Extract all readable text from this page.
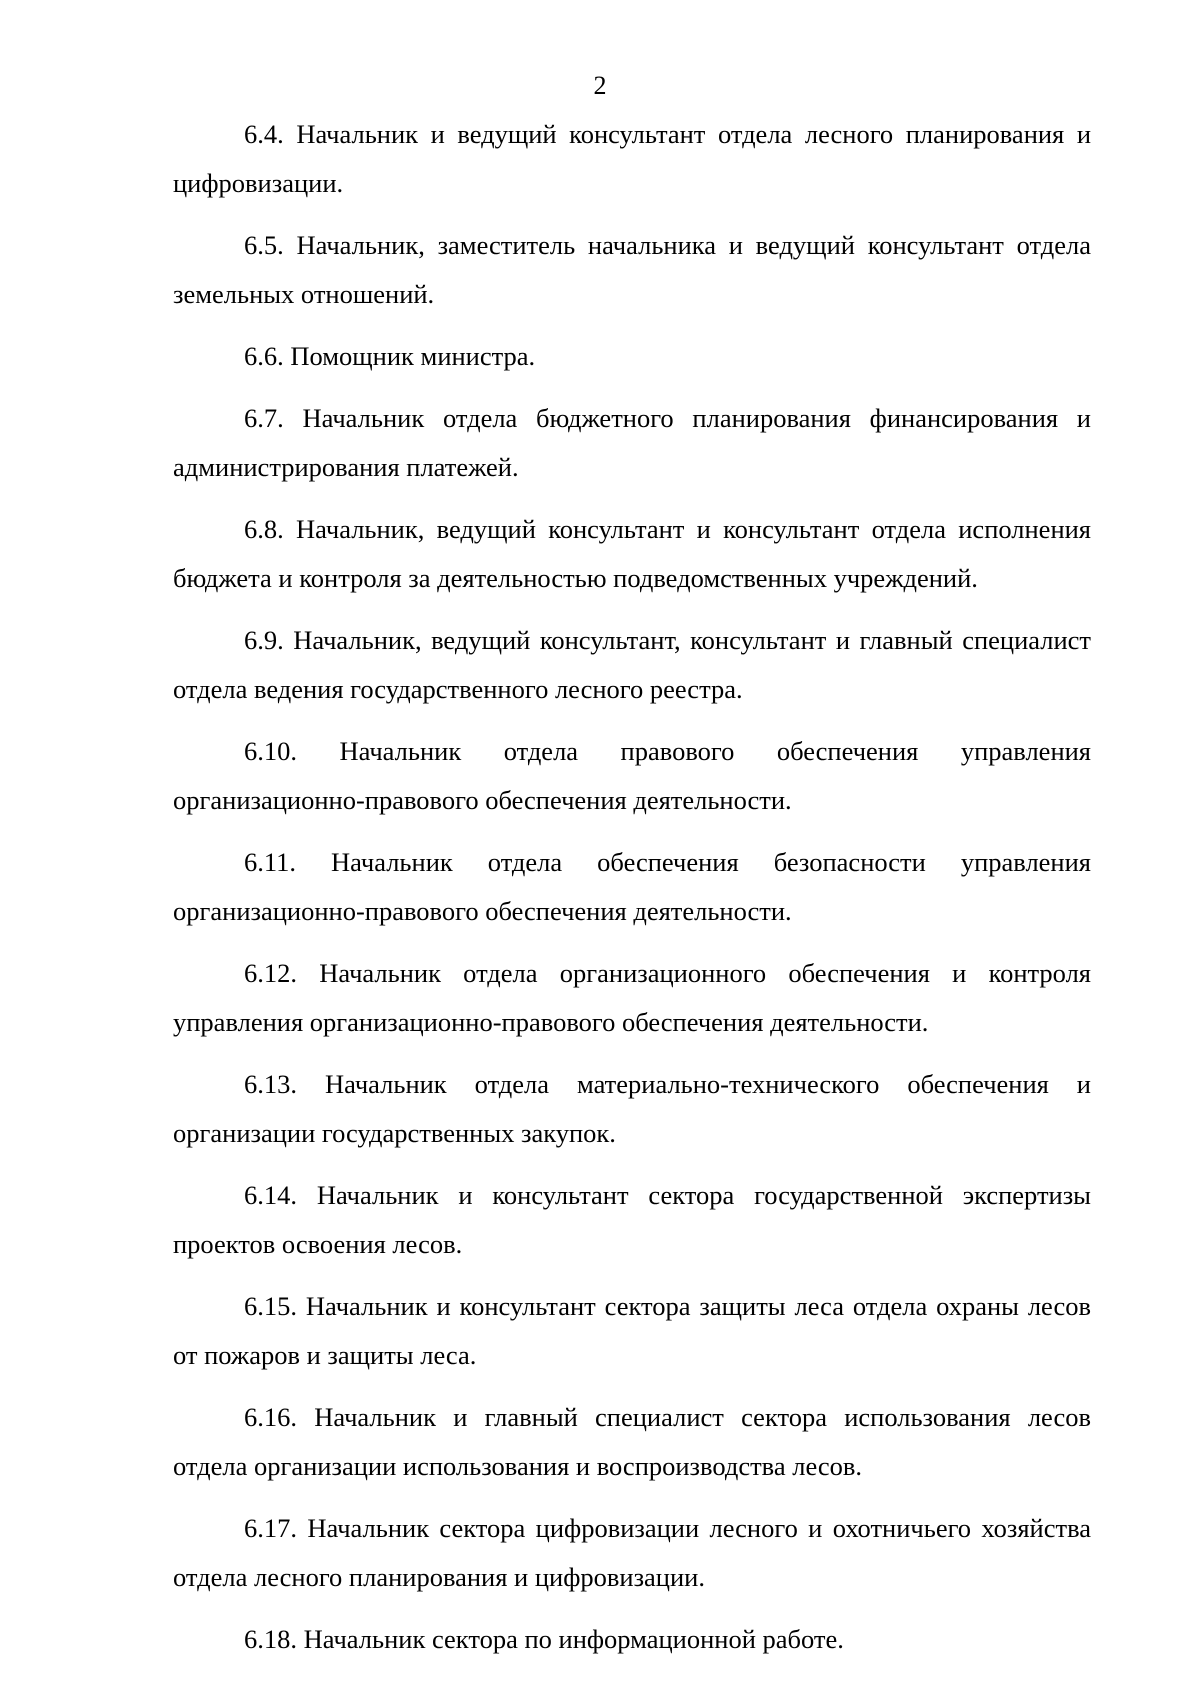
2

6.4. Начальник и ведущий консультант отдела лесного планирования и цифровизации.

6.5. Начальник, заместитель начальника и ведущий консультант отдела земельных отношений.

6.6. Помощник министра.

6.7. Начальник отдела бюджетного планирования финансирования и администрирования платежей.

6.8. Начальник, ведущий консультант и консультант отдела исполнения бюджета и контроля за деятельностью подведомственных учреждений.

6.9. Начальник, ведущий консультант, консультант и главный специалист отдела ведения государственного лесного реестра.

6.10. Начальник отдела правового обеспечения управления организационно-правового обеспечения деятельности.

6.11. Начальник отдела обеспечения безопасности управления организационно-правового обеспечения деятельности.

6.12. Начальник отдела организационного обеспечения и контроля управления организационно-правового обеспечения деятельности.

6.13. Начальник отдела материально-технического обеспечения и организации государственных закупок.

6.14. Начальник и консультант сектора государственной экспертизы проектов освоения лесов.

6.15. Начальник и консультант сектора защиты леса отдела охраны лесов от пожаров и защиты леса.

6.16. Начальник и главный специалист сектора использования лесов отдела организации использования и воспроизводства лесов.

6.17. Начальник сектора цифровизации лесного и охотничьего хозяйства отдела лесного планирования и цифровизации.

6.18. Начальник сектора по информационной работе.
